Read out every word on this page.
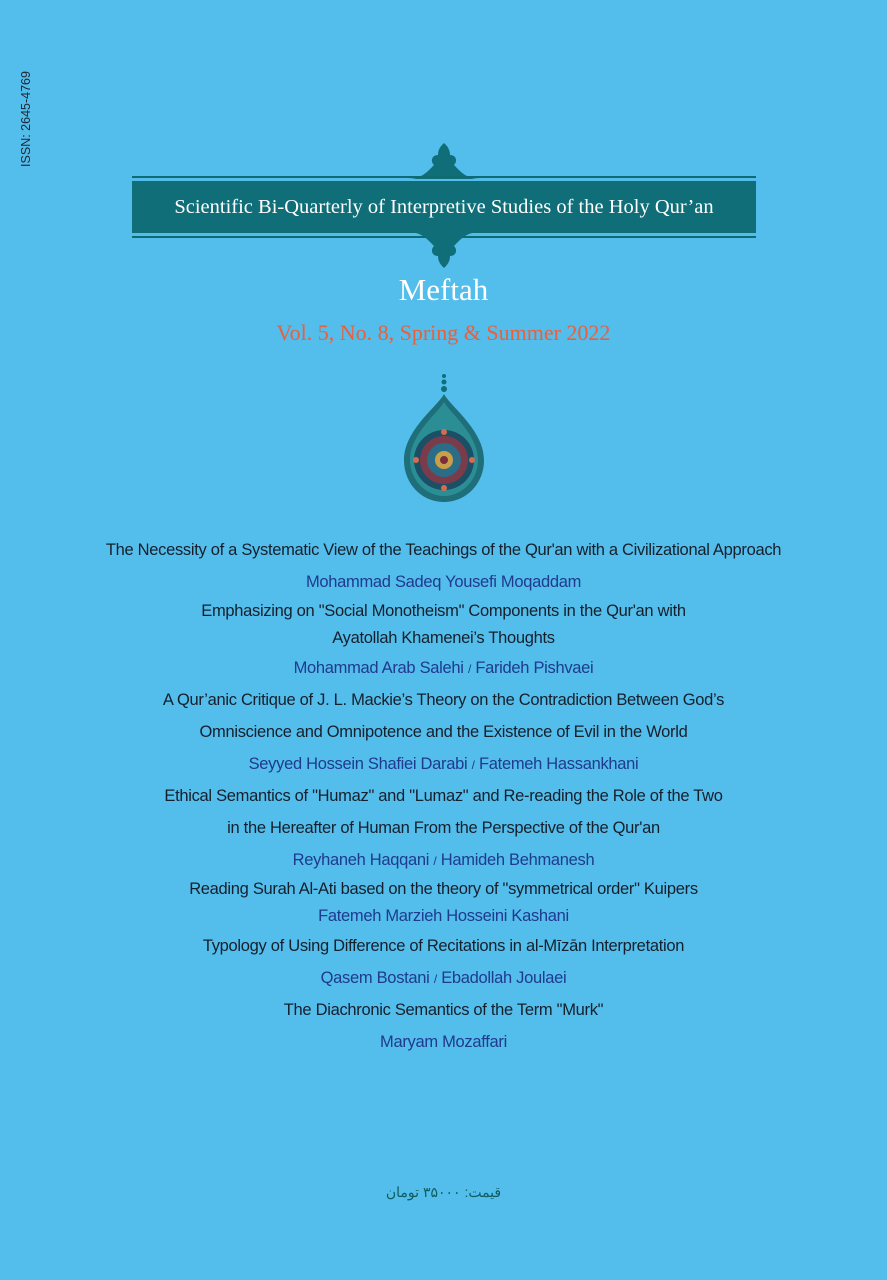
ISSN: 2645-4769
Scientific Bi-Quarterly of Interpretive Studies of the Holy Qur’an
Meftah
Vol. 5, No. 8, Spring & Summer 2022
The Necessity of a Systematic View of the Teachings of the Qur'an with a Civilizational Approach
Mohammad Sadeq Yousefi Moqaddam
Emphasizing on "Social Monotheism" Components in the Qur'an with
Ayatollah Khamenei’s Thoughts
Mohammad Arab Salehi / Farideh Pishvaei
A Qur’anic Critique of J. L. Mackie’s Theory on the Contradiction Between God’s
Omniscience and Omnipotence and the Existence of Evil in the World
Seyyed Hossein Shafiei Darabi / Fatemeh Hassankhani
Ethical Semantics of "Humaz" and "Lumaz" and Re-reading the Role of the Two
in the Hereafter of Human From the Perspective of the Qur'an
Reyhaneh Haqqani / Hamideh Behmanesh
Reading Surah Al-Ati based on the theory of "symmetrical order" Kuipers
Fatemeh Marzieh Hosseini Kashani
Typology of Using Difference of Recitations in al-Mīzān Interpretation
Qasem Bostani / Ebadollah Joulaei
The Diachronic Semantics of the Term "Murk"
Maryam Mozaffari
قیمت: ۳۵۰۰۰ تومان
